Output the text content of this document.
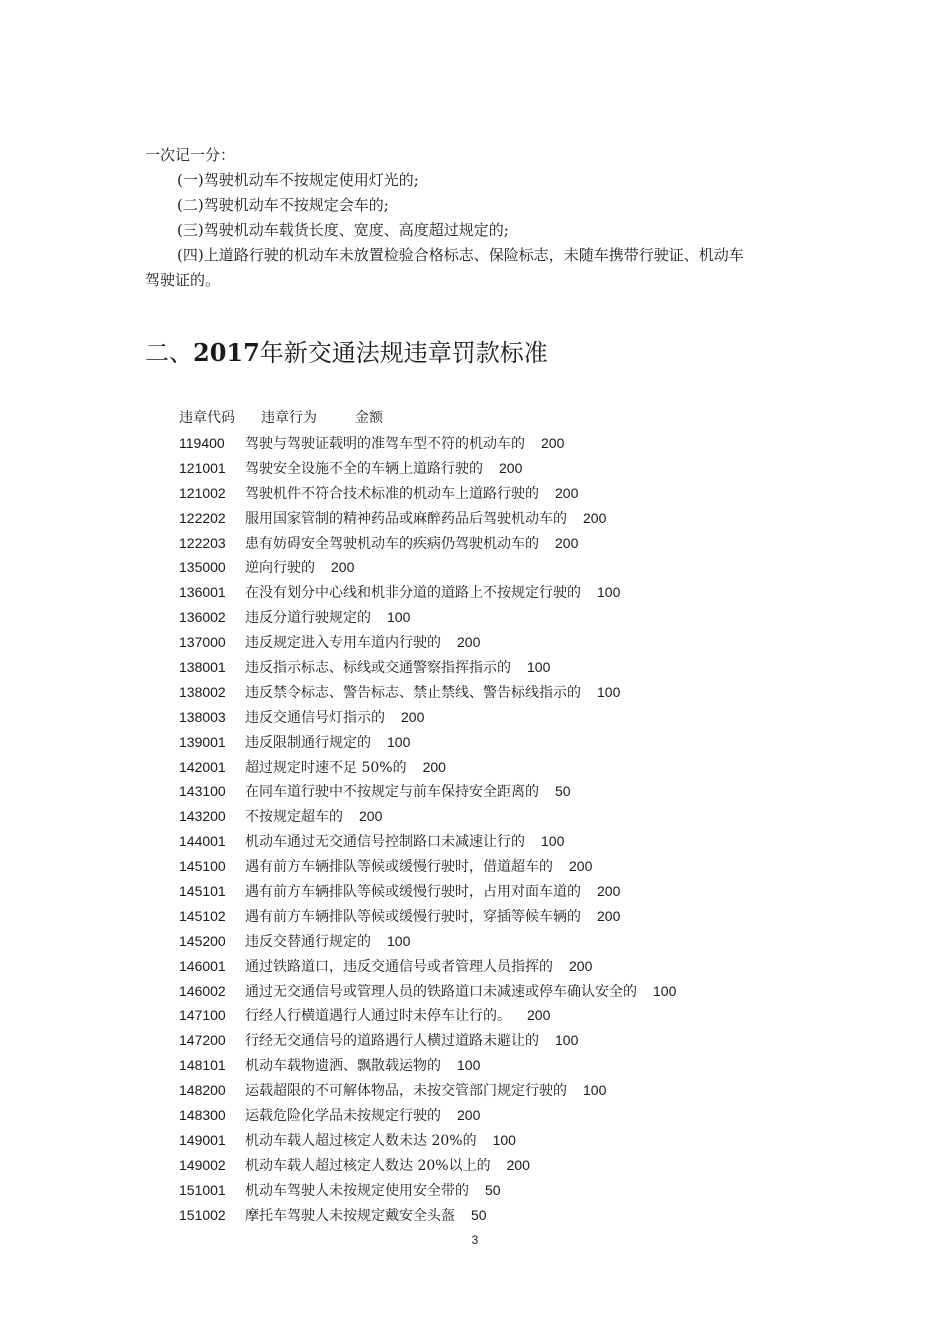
一次记一分：
(一)驾驶机动车不按规定使用灯光的;
(二)驾驶机动车不按规定会车的;
(三)驾驶机动车载货长度、宽度、高度超过规定的;
(四)上道路行驶的机动车未放置检验合格标志、保险标志，未随车携带行驶证、机动车
驾驶证的。
二、2017年新交通法规违章罚款标准
违章代码 违章行为	金额
119400 驾驶与驾驶证载明的准驾车型不符的机动车的 200
121001 驾驶安全设施不全的车辆上道路行驶的 200
121002 驾驶机件不符合技术标准的机动车上道路行驶的 200
122202 服用国家管制的精神药品或麻醉药品后驾驶机动车的 200
122203 患有妨碍安全驾驶机动车的疾病仍驾驶机动车的 200
135000 逆向行驶的 200
136001 在没有划分中心线和机非分道的道路上不按规定行驶的 100
136002 违反分道行驶规定的 100
137000 违反规定进入专用车道内行驶的 200
138001 违反指示标志、标线或交通警察指挥指示的 100
138002 违反禁令标志、警告标志、禁止禁线、警告标线指示的 100
138003 违反交通信号灯指示的 200
139001 违反限制通行规定的 100
142001 超过规定时速不足 50%的 200
143100 在同车道行驶中不按规定与前车保持安全距离的 50
143200 不按规定超车的 200
144001 机动车通过无交通信号控制路口未减速让行的 100
145100 遇有前方车辆排队等候或缓慢行驶时，借道超车的 200
145101 遇有前方车辆排队等候或缓慢行驶时，占用对面车道的 200
145102 遇有前方车辆排队等候或缓慢行驶时，穿插等候车辆的 200
145200 违反交替通行规定的 100
146001 通过铁路道口，违反交通信号或者管理人员指挥的 200
146002 通过无交通信号或管理人员的铁路道口未减速或停车确认安全的 100
147100 行经人行横道遇行人通过时未停车让行的。 200
147200 行经无交通信号的道路遇行人横过道路未避让的 100
148101 机动车载物遗洒、飘散载运物的 100
148200 运载超限的不可解体物品，未按交管部门规定行驶的 100
148300 运载危险化学品未按规定行驶的 200
149001 机动车载人超过核定人数未达 20%的 100
149002 机动车载人超过核定人数达 20%以上的 200
151001 机动车驾驶人未按规定使用安全带的 50
151002 摩托车驾驶人未按规定戴安全头盔 50
3
